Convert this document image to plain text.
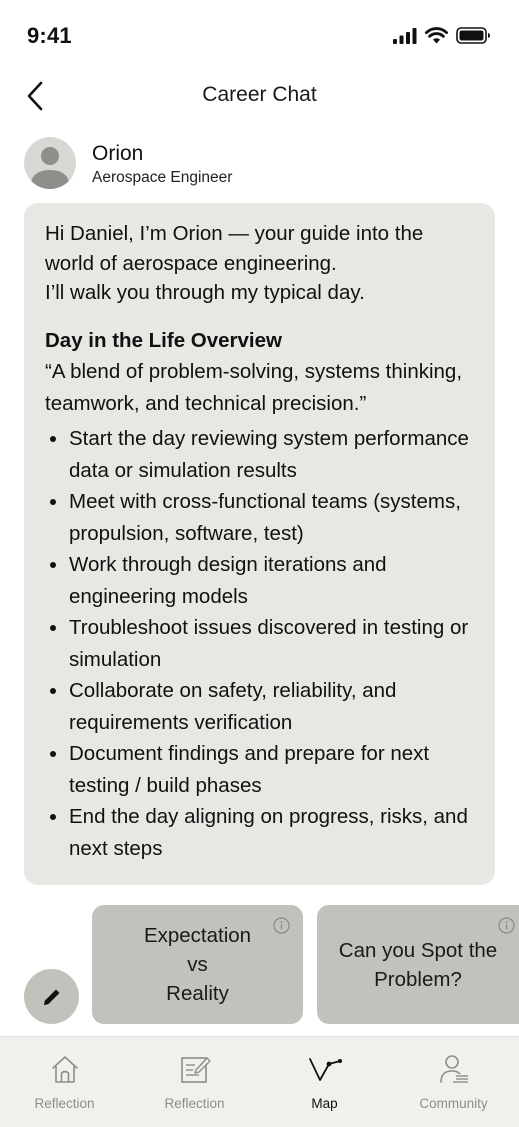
9:41
Career Chat
Orion
Aerospace Engineer

Hi Daniel, I’m Orion — your guide into the
world of aerospace engineering.
I’ll walk you through my typical day.

Day in the Life Overview

“A blend of problem-solving, systems thinking, teamwork, and technical precision.”

• Start the day reviewing system performance data or simulation results
• Meet with cross-functional teams (systems, propulsion, software, test)
• Work through design iterations and engineering models
• Troubleshoot issues discovered in testing or simulation
• Collaborate on safety, reliability, and requirements verification
• Document findings and prepare for next testing / build phases
• End the day aligning on progress, risks, and next steps
Expectation
vs
Reality
Can you Spot the
Problem?
Reflection	Reflection	Map	Community
